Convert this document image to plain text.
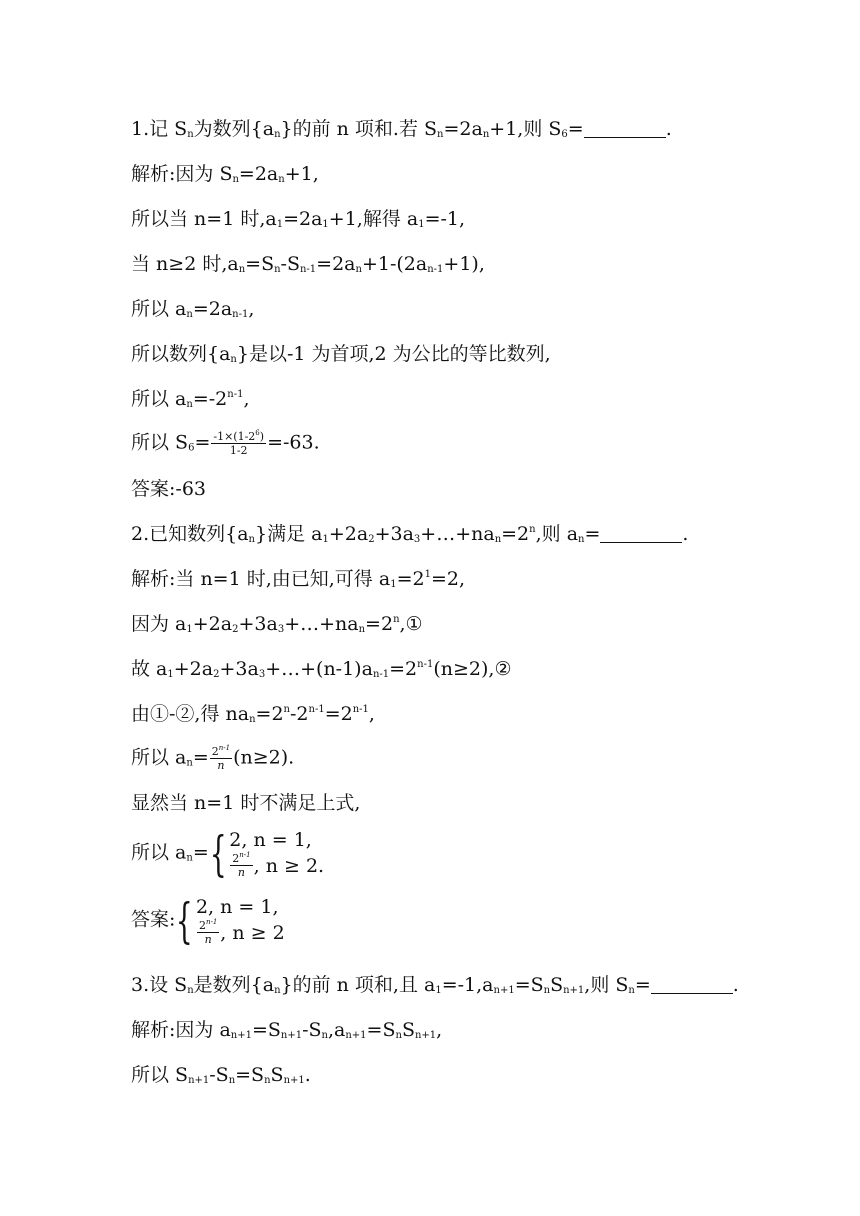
1.记 $S_n$为数列$\{a_n\}$的前 n 项和.若 $S_n=2a_n+1$,则 $S_6=$	.
解析:因为 $S_n=2a_n+1$,
所以当 n=1 时$,a_1=2a_1+1$,解得 $a_1=-1$,
当 n≥2 时$,a_n=S_n-S_{n-1}=2a_n+1-(2a_{n-1}+1)$,
所以 $a_n=2a_{n-1}$,
所以数列$\{a_n\}$是以-1 为首项,2 为公比的等比数列,
所以 $a_n=-2^{n-1}$,
所以 $S_6= \frac{-1\times(1-2^6)}{1-2} =-63$.
答案:-63
2.已知数列$\{a_n\}$满足 $a_1+2a_2+3a_3+\dots+na_n=2^n$,则 $a_n=$	.
解析:当 n=1 时,由已知,可得 $a_1=2^1=2$,
因为 $a_1+2a_2+3a_3+\dots+na_n=2^n,①$
故 $a_1+2a_2+3a_3+\dots+(n-1)a_{n-1}=2^{n-1}(n\ge 2),②$
由①-②,得 $na_n=2^n-2^{n-1}=2^{n-1}$,
所以 $a_n= \frac{2^{n-1}}{n} (n\ge 2)$.
显然当 n=1 时不满足上式,
所以 $a_n=$ { 2, n = 1,
$\frac{2^{n-1}}{n}$ , n ≥ 2.
答案: { 2, n = 1,
$\frac{2^{n-1}}{n}$ , n ≥ 2
3.设 $S_n$是数列$\{a_n\}$的前 n 项和,且 $a_1=-1,a_{n+1}=S_nS_{n+1}$,则 $S_n=$	.
解析:因为 $a_{n+1}=S_{n+1}-S_n,a_{n+1}=S_nS_{n+1}$,
所以 $S_{n+1}-S_n=S_nS_{n+1}$.
